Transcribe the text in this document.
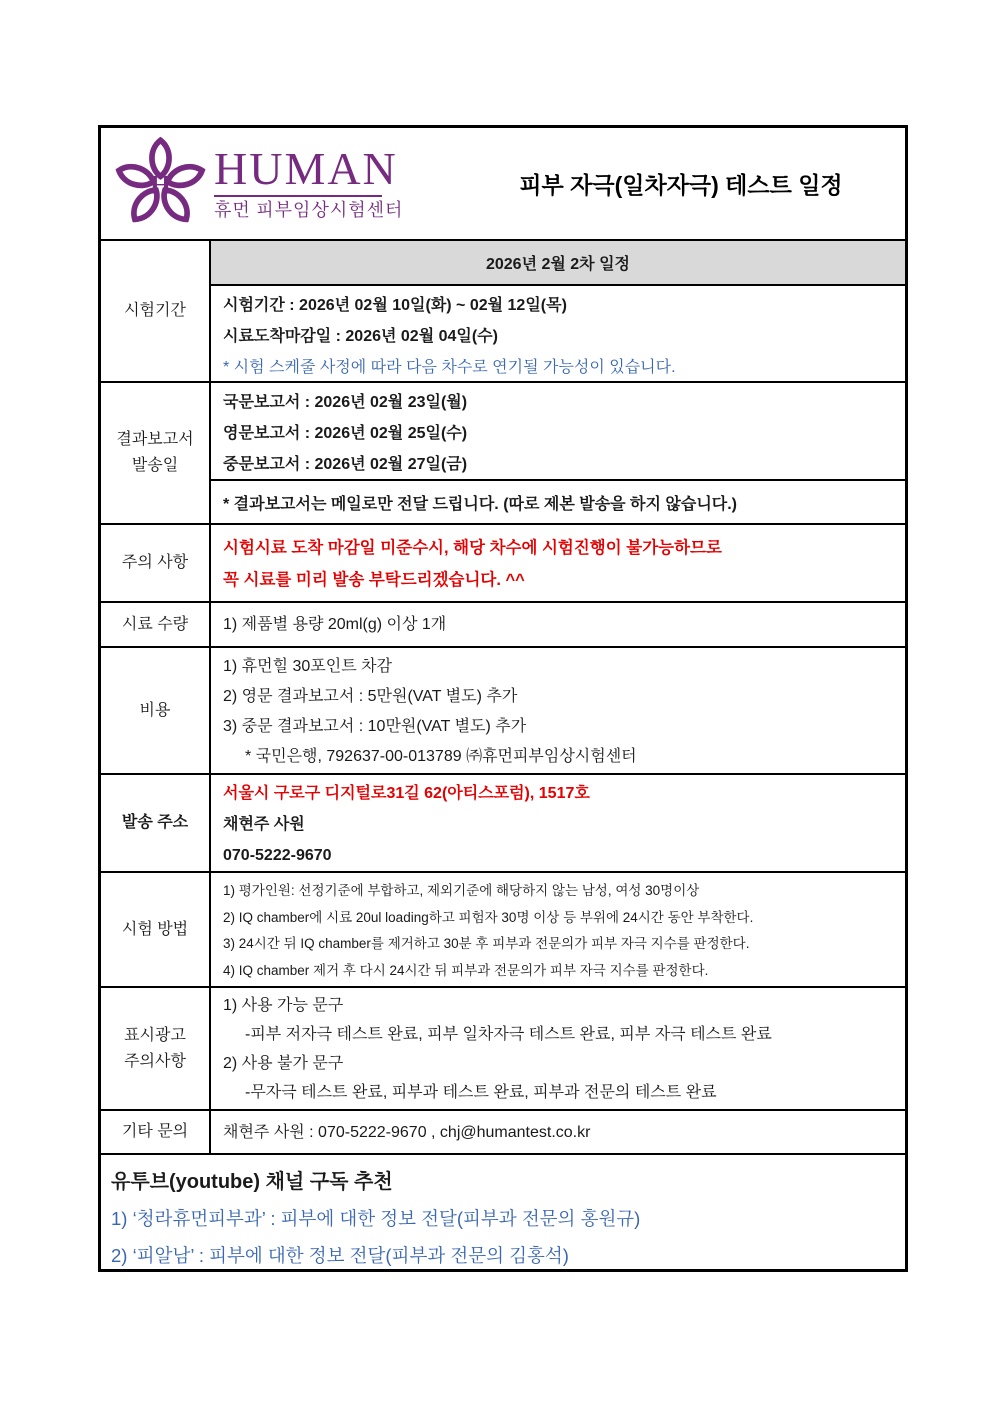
H HUMAN
휴먼 피부임상시험센터
피부 자극(일차자극) 테스트 일정
시험기간
2026년 2월 2차 일정
시험기간 : 2026년 02월 10일(화) ~ 02월 12일(목)
시료도착마감일 : 2026년 02월 04일(수)
* 시험 스케줄 사정에 따라 다음 차수로 연기될 가능성이 있습니다.
결과보고서
발송일
국문보고서 : 2026년 02월 23일(월)
영문보고서 : 2026년 02월 25일(수)
중문보고서 : 2026년 02월 27일(금)
* 결과보고서는 메일로만 전달 드립니다. (따로 제본 발송을 하지 않습니다.)
주의 사항
시험시료 도착 마감일 미준수시, 해당 차수에 시험진행이 불가능하므로
꼭 시료를 미리 발송 부탁드리겠습니다. ^^
시료 수량 1) 제품별 용량 20ml(g) 이상 1개
비용
1) 휴먼힐 30포인트 차감
2) 영문 결과보고서 : 5만원(VAT 별도) 추가
3) 중문 결과보고서 : 10만원(VAT 별도) 추가
* 국민은행, 792637-00-013789 ㈜휴먼피부임상시험센터
발송 주소
서울시 구로구 디지털로31길 62(아티스포럼), 1517호
채현주 사원
070-5222-9670
시험 방법
1) 평가인원: 선정기준에 부합하고, 제외기준에 해당하지 않는 남성, 여성 30명이상
2) IQ chamber에 시료 20ul loading하고 피험자 30명 이상 등 부위에 24시간 동안 부착한다.
3) 24시간 뒤 IQ chamber를 제거하고 30분 후 피부과 전문의가 피부 자극 지수를 판정한다.
4) IQ chamber 제거 후 다시 24시간 뒤 피부과 전문의가 피부 자극 지수를 판정한다.
표시광고
주의사항
1) 사용 가능 문구
-피부 저자극 테스트 완료, 피부 일차자극 테스트 완료, 피부 자극 테스트 완료
2) 사용 불가 문구
-무자극 테스트 완료, 피부과 테스트 완료, 피부과 전문의 테스트 완료
기타 문의 채현주 사원 : 070-5222-9670 , chj@humantest.co.kr
유투브(youtube) 채널 구독 추천
1) ‘청라휴먼피부과’ : 피부에 대한 정보 전달(피부과 전문의 홍원규)
2) ‘피알남’ : 피부에 대한 정보 전달(피부과 전문의 김홍석)
